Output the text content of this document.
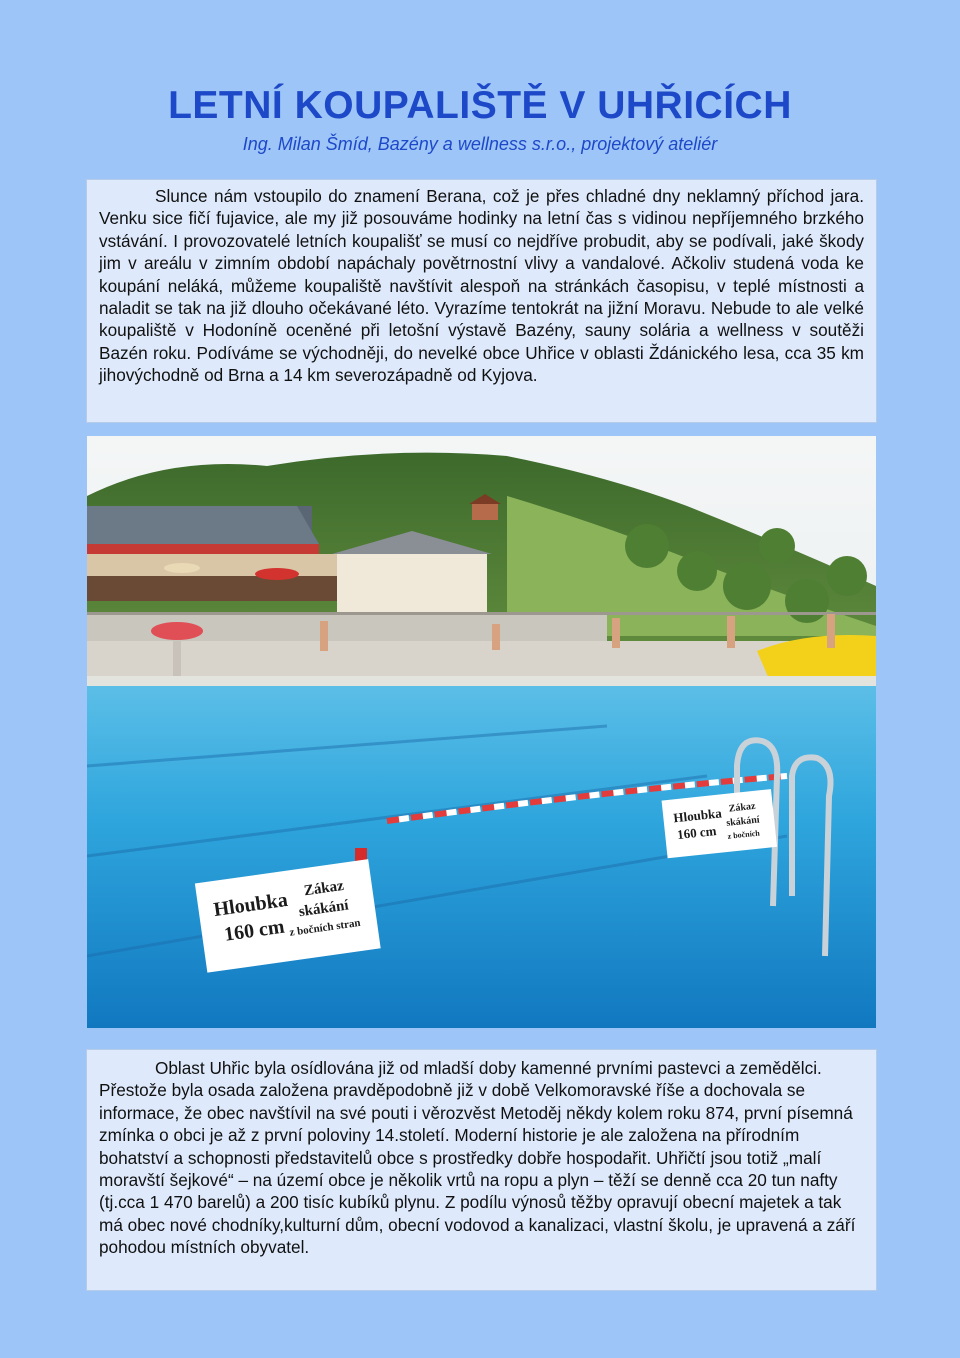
LETNÍ KOUPALIŠTĚ V UHŘICÍCH
Ing. Milan Šmíd, Bazény a wellness s.r.o., projektový ateliér

Slunce nám vstoupilo do znamení Berana, což je přes chladné dny neklamný příchod jara. Venku sice fičí fujavice, ale my již posouváme hodinky na letní čas s vidinou nepříjemného brzkého vstávání. I provozovatelé letních koupališť se musí co nejdříve probudit, aby se podívali, jaké škody jim v areálu v zimním období napáchaly povětrnostní vlivy a vandalové. Ačkoliv studená voda ke koupání neláká, můžeme koupaliště navštívit alespoň na stránkách časopisu, v teplé místnosti a naladit se tak na již dlouho očekávané léto. Vyrazíme tentokrát na jižní Moravu. Nebude to ale velké koupaliště v Hodoníně oceněné při letošní výstavě Bazény, sauny solária a wellness v soutěži Bazén roku. Podíváme se východněji, do nevelké obce Uhřice v oblasti Ždánického lesa, cca 35 km jihovýchodně od Brna a 14 km severozápadně od Kyjova.

Hloubka
160 cm
Zákaz
skákání
z bočních stran
Hloubka
160 cm
Zákaz
skákání
z bočních

Oblast Uhřic byla osídlována již od mladší doby kamenné prvními pastevci a zemědělci. Přestože byla osada založena pravděpodobně již v době Velkomoravské říše a dochovala se informace, že obec navštívil na své pouti i věrozvěst Metoděj někdy kolem roku 874, první písemná zmínka o obci je až z první poloviny 14.století. Moderní historie je ale založena na přírodním bohatství a schopnosti představitelů obce s prostředky dobře hospodařit. Uhřičtí jsou totiž „malí moravští šejkové“ – na území obce je několik vrtů na ropu a plyn – těží se denně cca 20 tun nafty (tj.cca 1 470 barelů) a 200 tisíc kubíků plynu. Z podílu výnosů těžby opravují obecní majetek a tak má obec nové chodníky,kulturní dům, obecní vodovod a kanalizaci, vlastní školu, je upravená a září pohodou místních obyvatel.
